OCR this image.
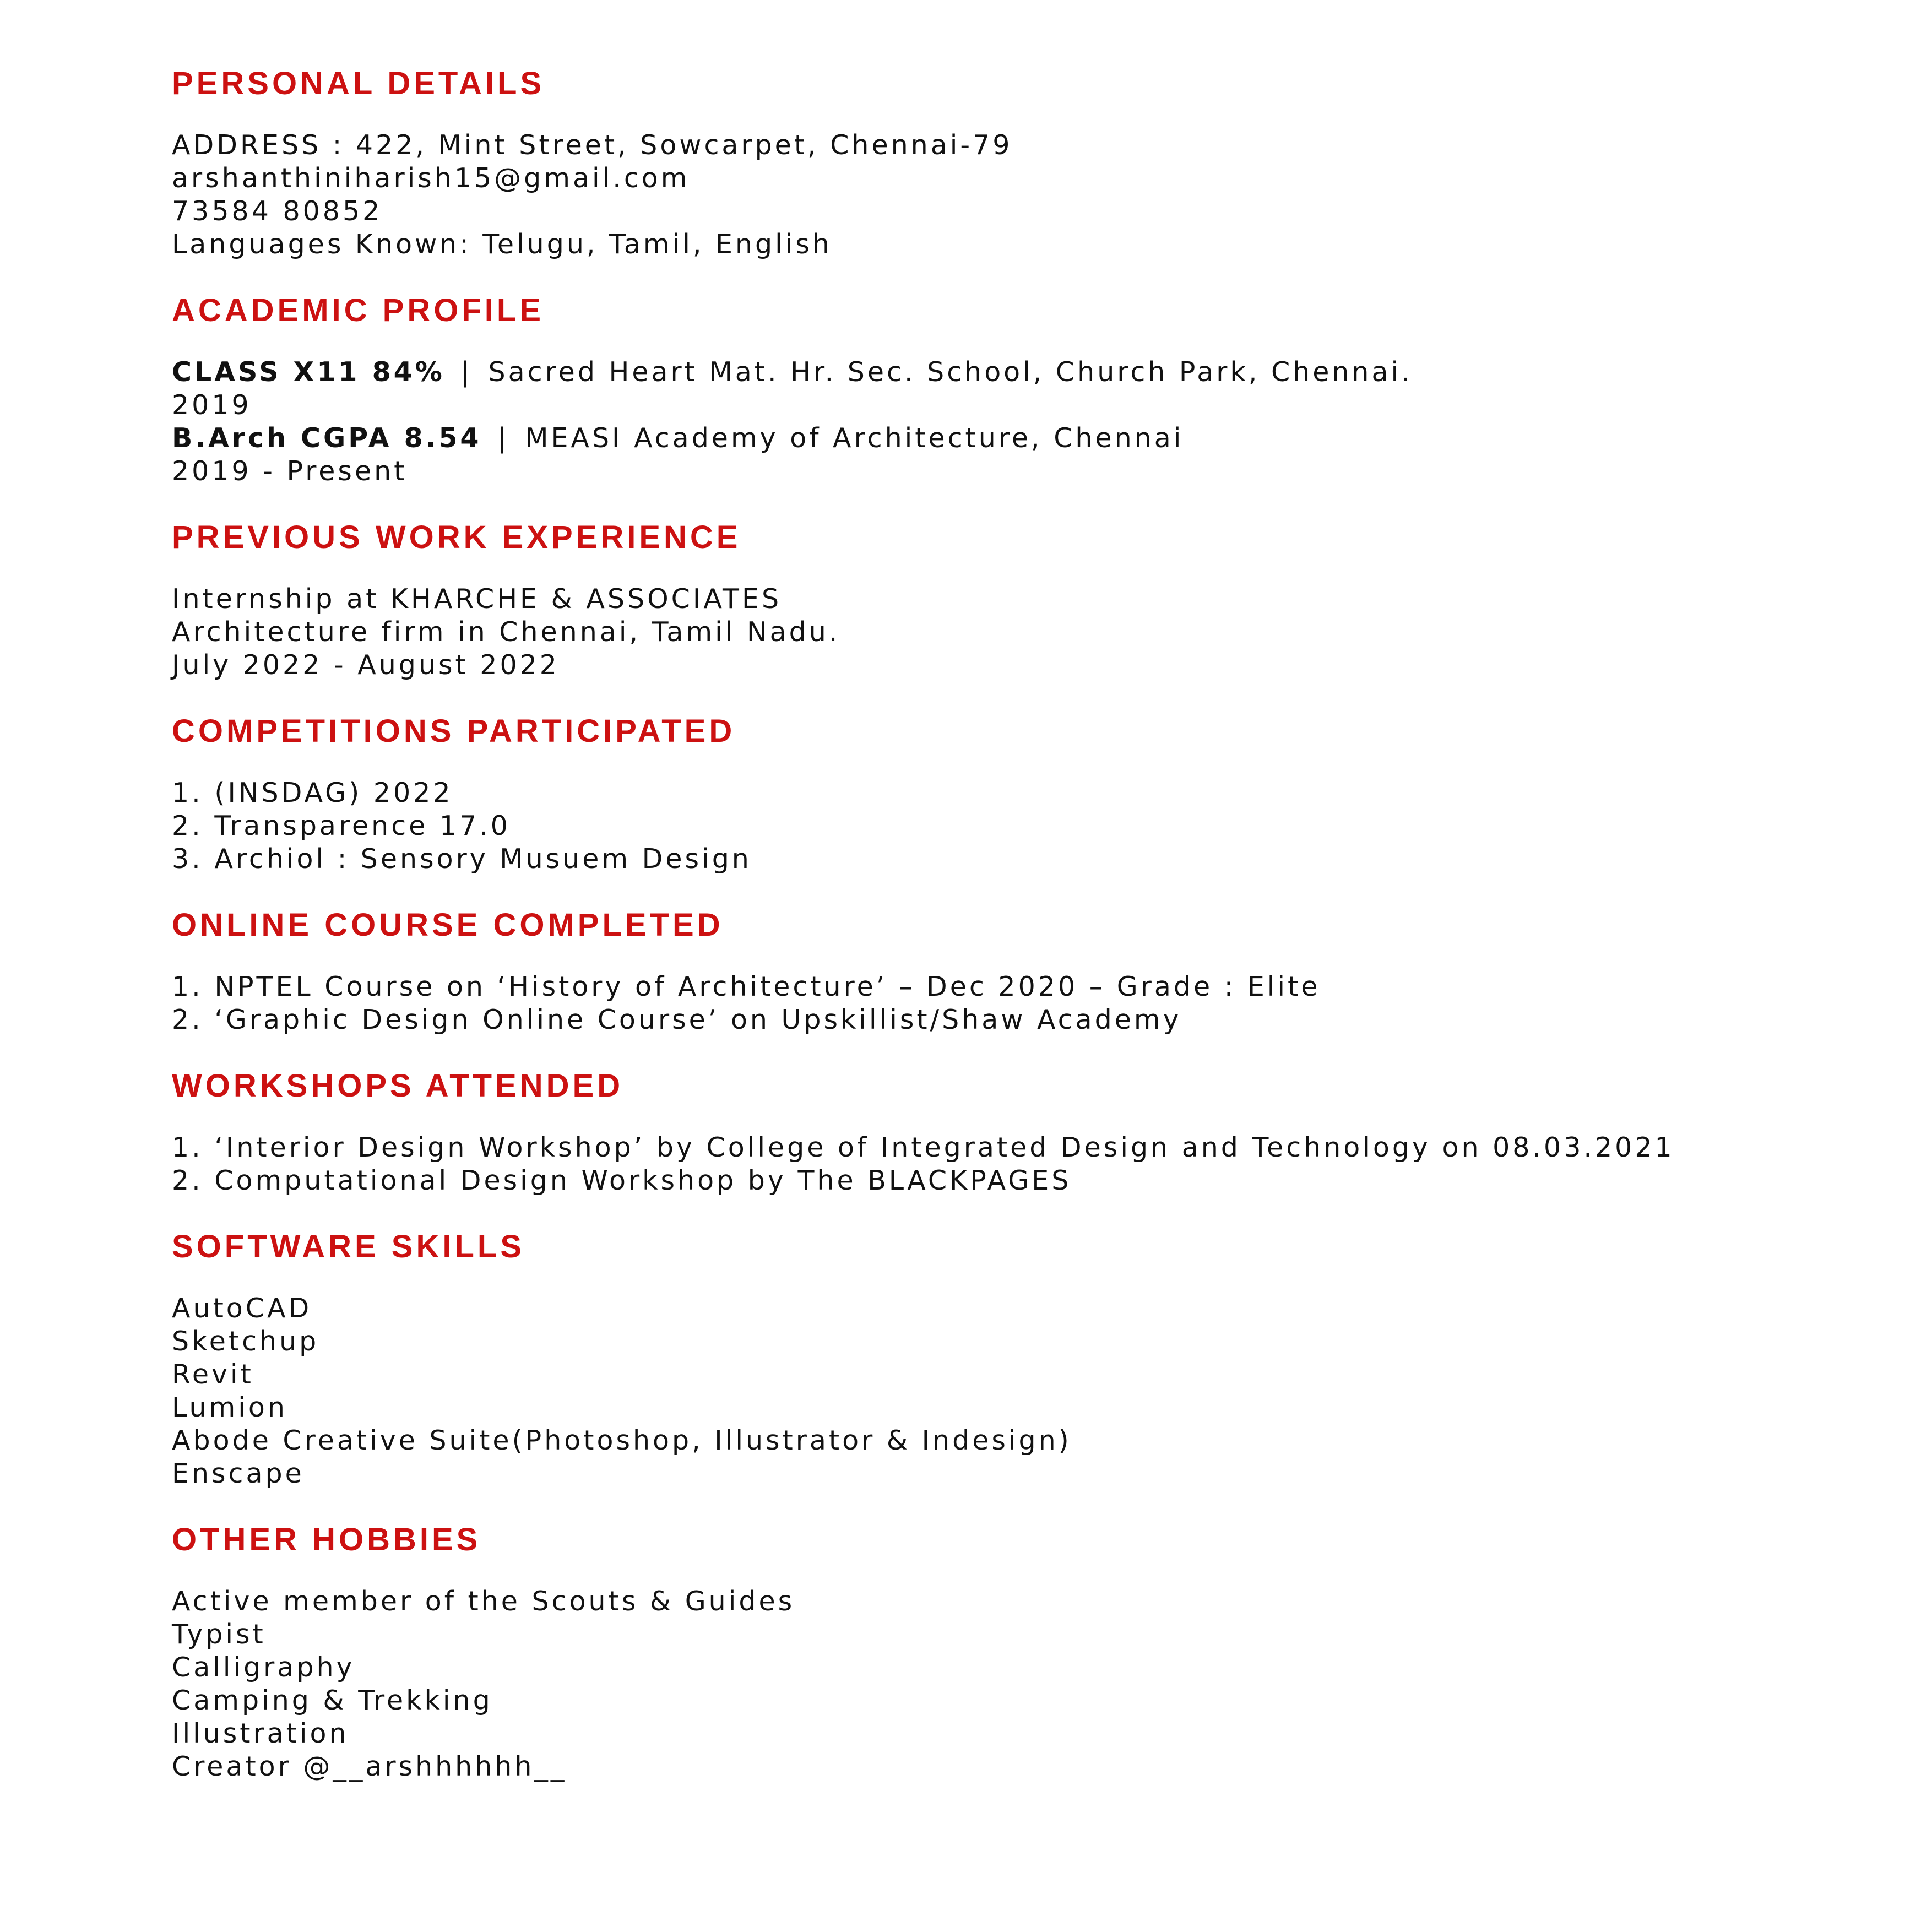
PERSONAL DETAILS
ADDRESS : 422, Mint Street, Sowcarpet, Chennai-79
arshanthiniharish15@gmail.com
73584 80852
Languages Known: Telugu, Tamil, English
ACADEMIC PROFILE
CLASS X11 84% | Sacred Heart Mat. Hr. Sec. School, Church Park, Chennai.
2019
B.Arch CGPA 8.54 | MEASI Academy of Architecture, Chennai
2019 - Present
PREVIOUS WORK EXPERIENCE
Internship at KHARCHE & ASSOCIATES
Architecture firm in Chennai, Tamil Nadu.
July 2022 - August 2022
COMPETITIONS PARTICIPATED
1. (INSDAG) 2022
2. Transparence 17.0
3. Archiol : Sensory Musuem Design
ONLINE COURSE COMPLETED
1. NPTEL Course on ‘History of Architecture’ – Dec 2020 – Grade : Elite
2. ‘Graphic Design Online Course’ on Upskillist/Shaw Academy
WORKSHOPS ATTENDED
1. ‘Interior Design Workshop’ by College of Integrated Design and Technology on 08.03.2021
2. Computational Design Workshop by The BLACKPAGES
SOFTWARE SKILLS
AutoCAD
Sketchup
Revit
Lumion
Abode Creative Suite(Photoshop, Illustrator & Indesign)
Enscape
OTHER HOBBIES
Active member of the Scouts & Guides
Typist
Calligraphy
Camping & Trekking
Illustration
Creator @__arshhhhhh__
